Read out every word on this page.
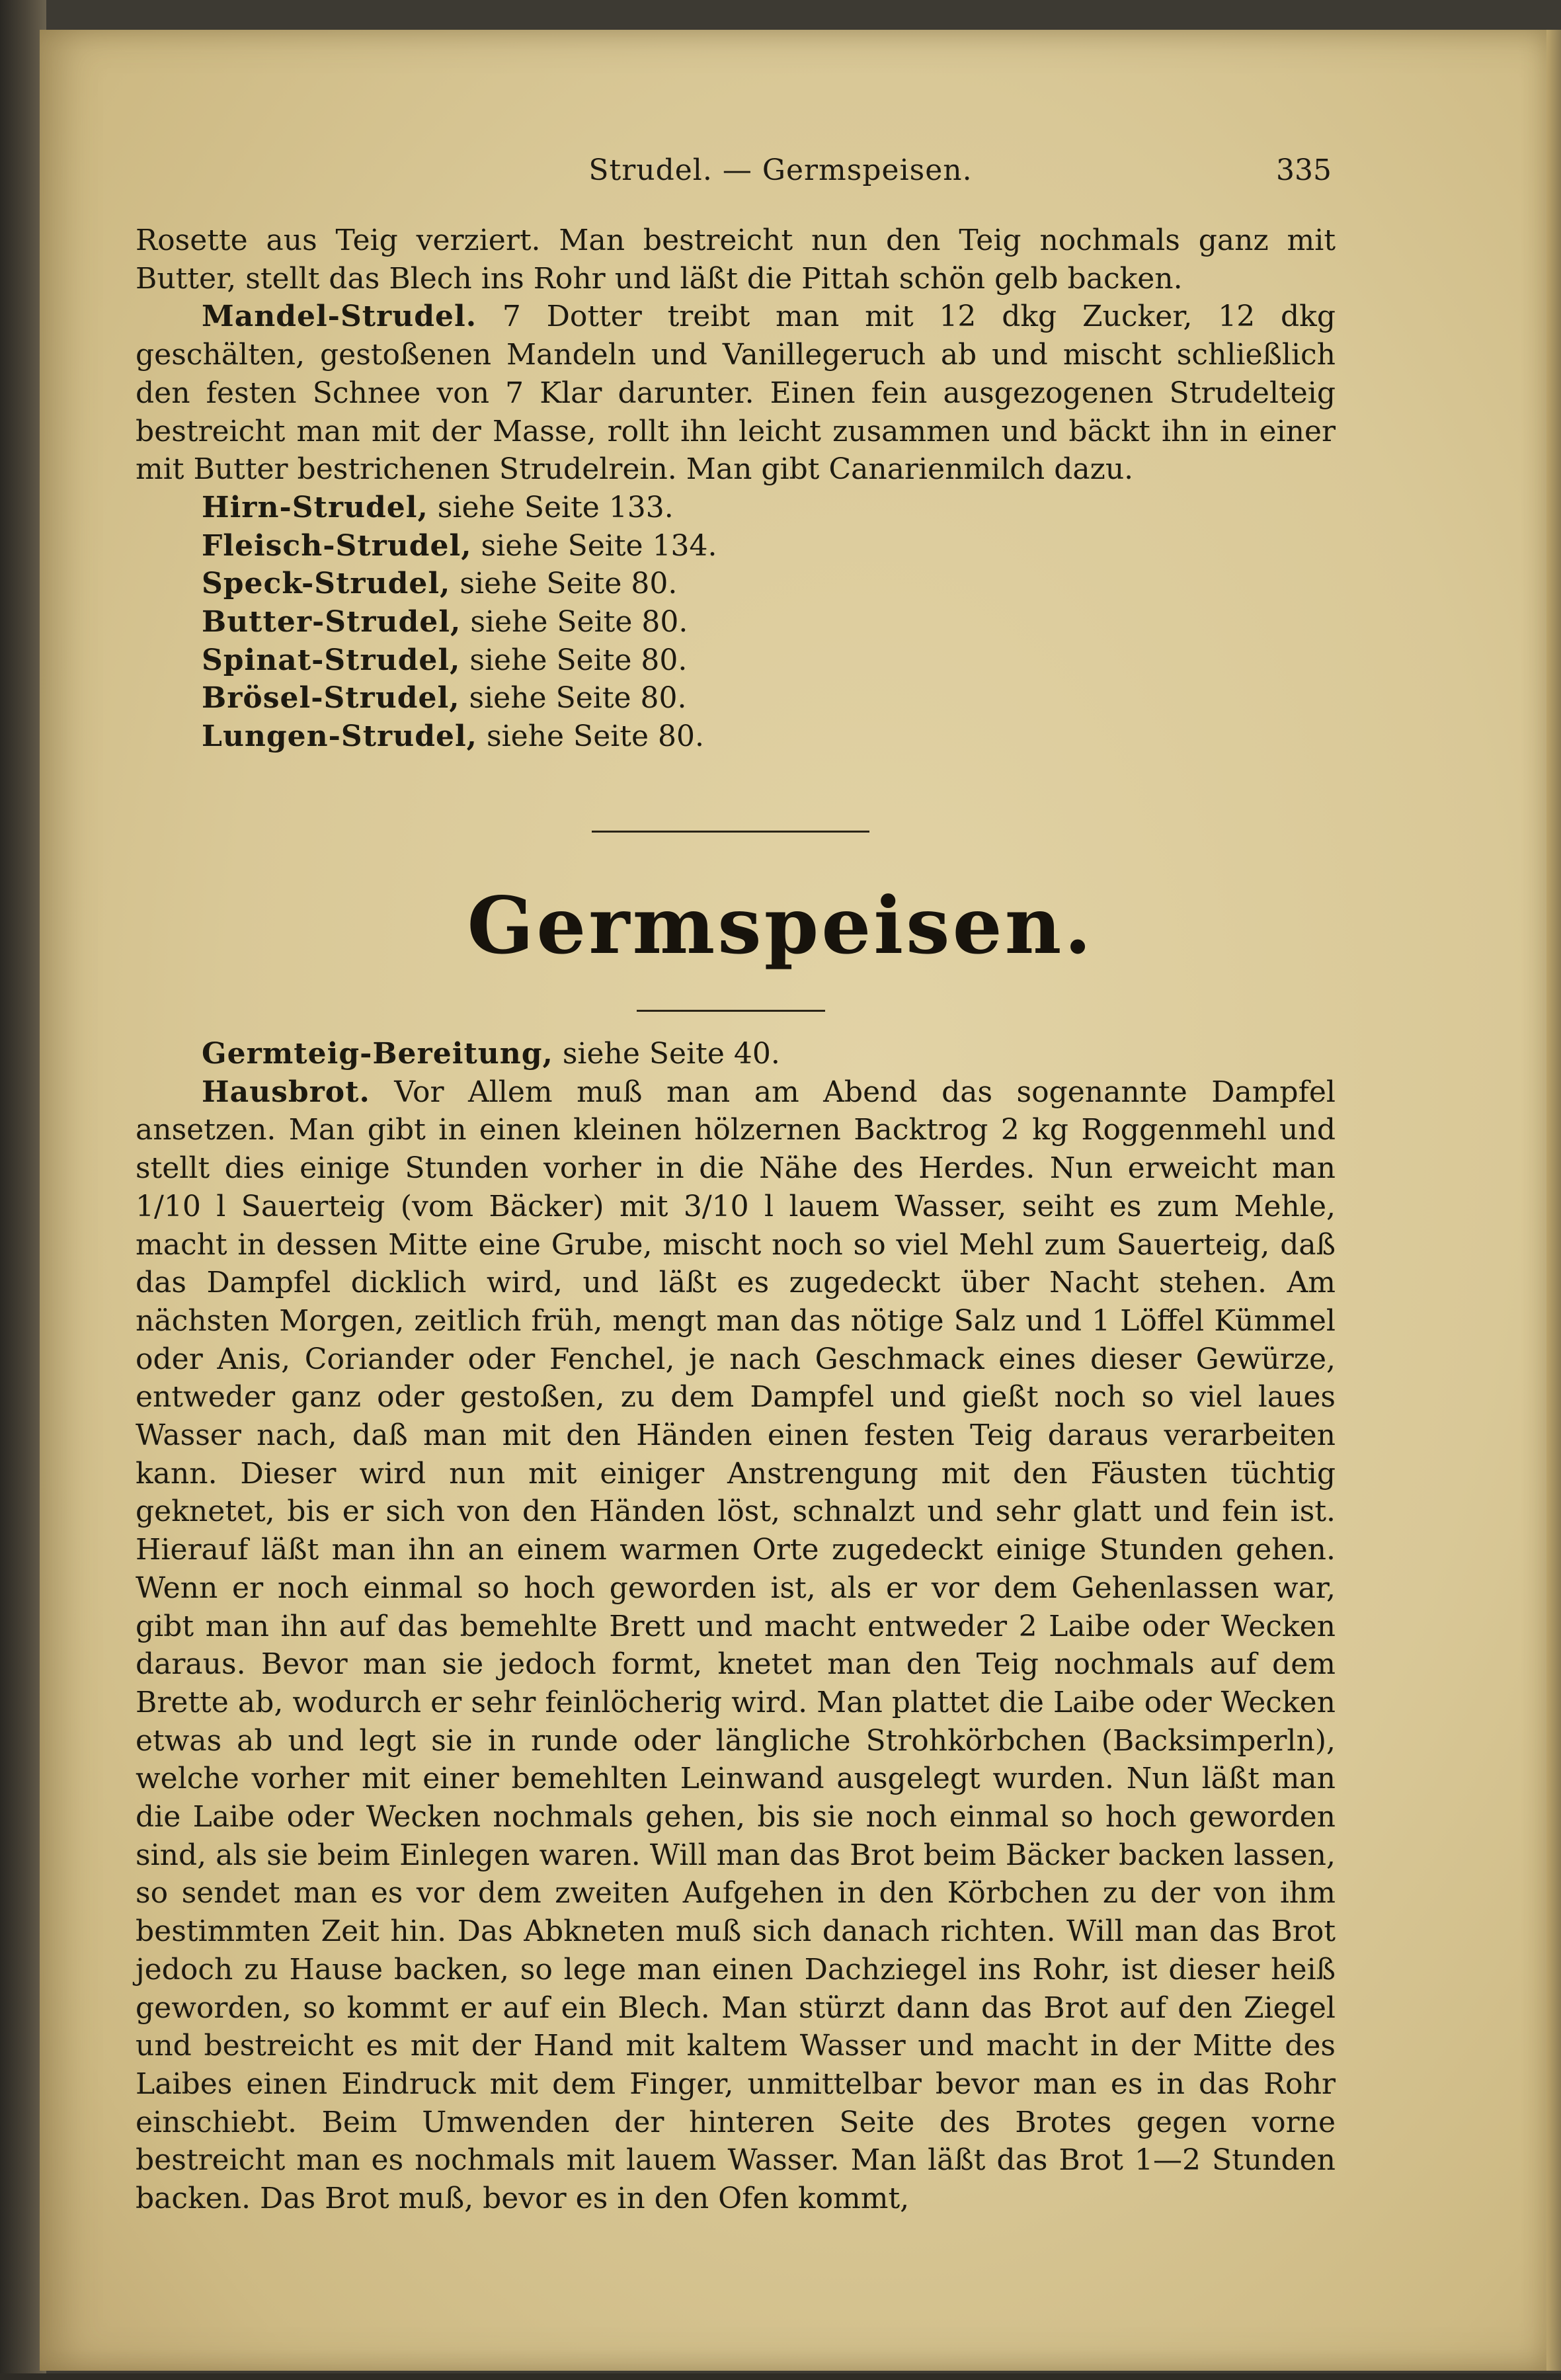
Strudel. — Germspeisen.	335

Rosette aus Teig verziert. Man bestreicht nun den Teig nochmals ganz mit Butter, stellt das Blech ins Rohr und läßt die Pittah schön gelb backen.

Mandel-Strudel. 7 Dotter treibt man mit 12 dkg Zucker, 12 dkg geschälten, gestoßenen Mandeln und Vanillegeruch ab und mischt schließlich den festen Schnee von 7 Klar darunter. Einen fein ausgezogenen Strudelteig bestreicht man mit der Masse, rollt ihn leicht zusammen und bäckt ihn in einer mit Butter bestrichenen Strudelrein. Man gibt Canarienmilch dazu.

Hirn-Strudel, siehe Seite 133.
Fleisch-Strudel, siehe Seite 134.
Speck-Strudel, siehe Seite 80.
Butter-Strudel, siehe Seite 80.
Spinat-Strudel, siehe Seite 80.
Brösel-Strudel, siehe Seite 80.
Lungen-Strudel, siehe Seite 80.
Germspeisen.

Germteig-Bereitung, siehe Seite 40.

Hausbrot. Vor Allem muß man am Abend das sogenannte Dampfel ansetzen. Man gibt in einen kleinen hölzernen Backtrog 2 kg Roggenmehl und stellt dies einige Stunden vorher in die Nähe des Herdes. Nun erweicht man 1/10 l Sauerteig (vom Bäcker) mit 3/10 l lauem Wasser, seiht es zum Mehle, macht in dessen Mitte eine Grube, mischt noch so viel Mehl zum Sauerteig, daß das Dampfel dicklich wird, und läßt es zugedeckt über Nacht stehen. Am nächsten Morgen, zeitlich früh, mengt man das nötige Salz und 1 Löffel Kümmel oder Anis, Coriander oder Fenchel, je nach Geschmack eines dieser Gewürze, entweder ganz oder gestoßen, zu dem Dampfel und gießt noch so viel laues Wasser nach, daß man mit den Händen einen festen Teig daraus verarbeiten kann. Dieser wird nun mit einiger Anstrengung mit den Fäusten tüchtig geknetet, bis er sich von den Händen löst, schnalzt und sehr glatt und fein ist. Hierauf läßt man ihn an einem warmen Orte zugedeckt einige Stunden gehen. Wenn er noch einmal so hoch geworden ist, als er vor dem Gehenlassen war, gibt man ihn auf das bemehlte Brett und macht entweder 2 Laibe oder Wecken daraus. Bevor man sie jedoch formt, knetet man den Teig nochmals auf dem Brette ab, wodurch er sehr feinlöcherig wird. Man plattet die Laibe oder Wecken etwas ab und legt sie in runde oder längliche Strohkörbchen (Backsimperln), welche vorher mit einer bemehlten Leinwand ausgelegt wurden. Nun läßt man die Laibe oder Wecken nochmals gehen, bis sie noch einmal so hoch geworden sind, als sie beim Einlegen waren. Will man das Brot beim Bäcker backen lassen, so sendet man es vor dem zweiten Aufgehen in den Körbchen zu der von ihm bestimmten Zeit hin. Das Abkneten muß sich danach richten. Will man das Brot jedoch zu Hause backen, so lege man einen Dachziegel ins Rohr, ist dieser heiß geworden, so kommt er auf ein Blech. Man stürzt dann das Brot auf den Ziegel und bestreicht es mit der Hand mit kaltem Wasser und macht in der Mitte des Laibes einen Eindruck mit dem Finger, unmittelbar bevor man es in das Rohr einschiebt. Beim Umwenden der hinteren Seite des Brotes gegen vorne bestreicht man es nochmals mit lauem Wasser. Man läßt das Brot 1—2 Stunden backen. Das Brot muß, bevor es in den Ofen kommt,
